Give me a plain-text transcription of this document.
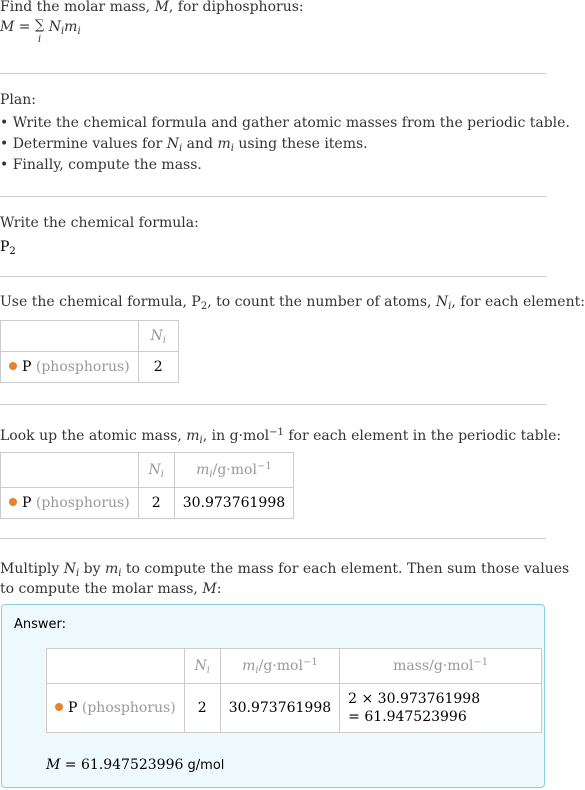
Find the molar mass, M, for diphosphorus:
M = ∑
i
$N_im_i$
Plan:
• Write the chemical formula and gather atomic masses from the periodic table.
• Determine values for $N_i$ and $m_i$ using these items.
• Finally, compute the mass.
Write the chemical formula:
$P_2$
Use the chemical formula, $P_2$, to count the number of atoms, $N_i$, for each element:
	$N_i$
P (phosphorus)	2
Look up the atomic mass, $m_i$, in g·mol$^{-1}$ for each element in the periodic table:
	$N_i$	$m_i/g\cdot mol^{-1}$
P (phosphorus)	2	30.973761998
Multiply $N_i$ by $m_i$ to compute the mass for each element. Then sum those values
to compute the molar mass, M:
Answer:
	$N_i$	$m_i/g\cdot mol^{-1}$	mass/g·mol$^{-1}$
P (phosphorus)	2	30.973761998	2 × 30.973761998
= 61.947523996
M = 61.947523996 g/mol
